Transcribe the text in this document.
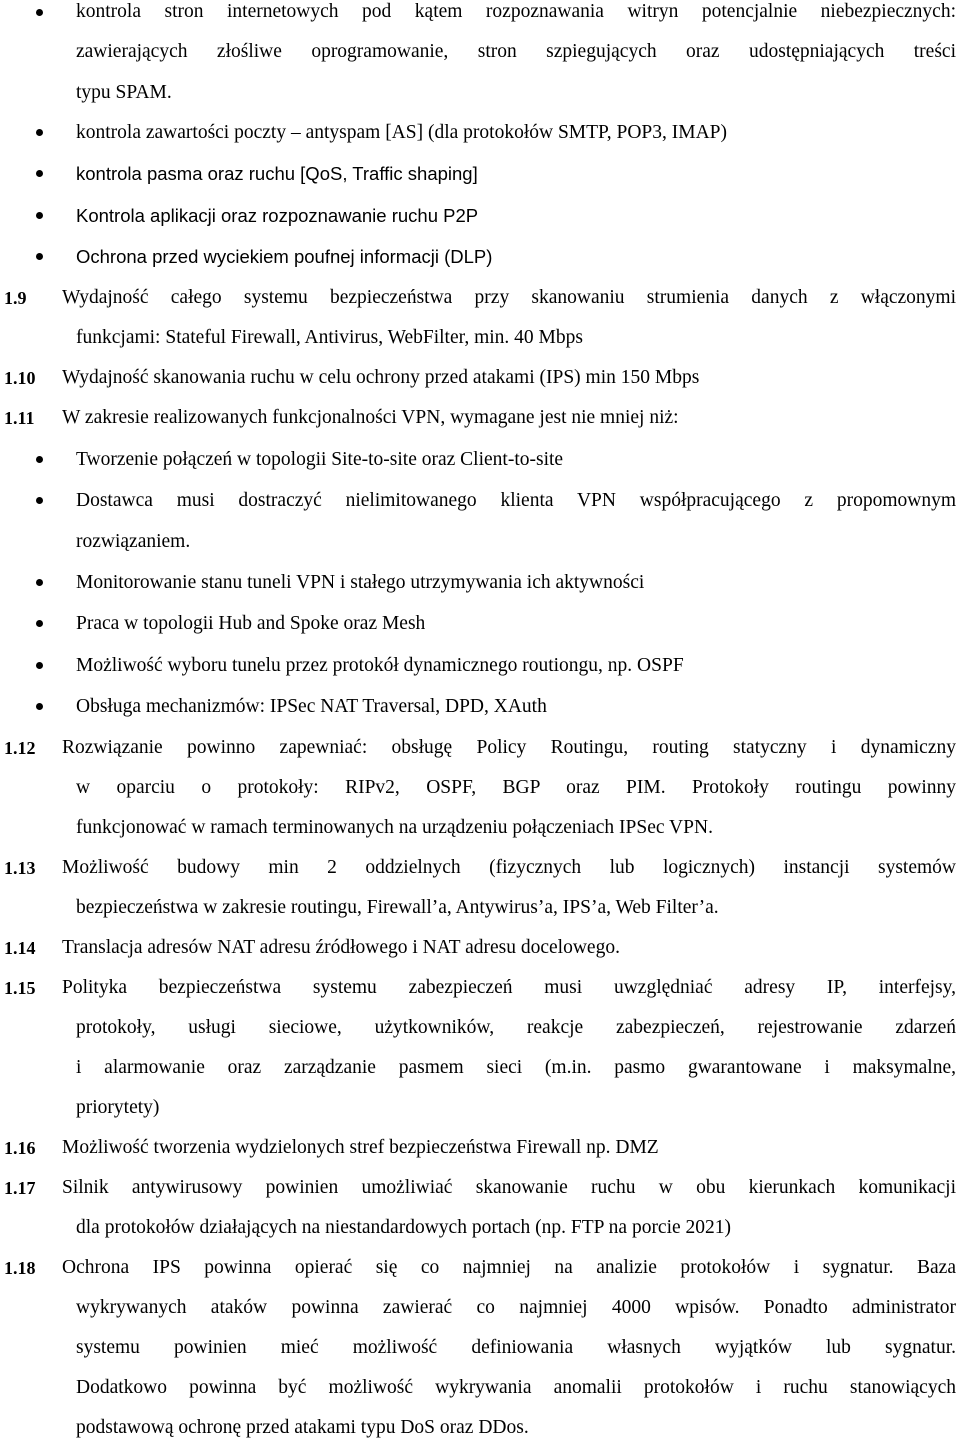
kontrola stron internetowych pod kątem rozpoznawania witryn potencjalnie niebezpiecznych:
zawierających złośliwe oprogramowanie, stron szpiegujących oraz udostępniających treści
typu SPAM.
kontrola zawartości poczty – antyspam [AS] (dla protokołów SMTP, POP3, IMAP)
kontrola pasma oraz ruchu [QoS, Traffic shaping]
Kontrola aplikacji oraz rozpoznawanie ruchu P2P
Ochrona przed wyciekiem poufnej informacji (DLP)
1.9 Wydajność całego systemu bezpieczeństwa przy skanowaniu strumienia danych z włączonymi
funkcjami: Stateful Firewall, Antivirus, WebFilter, min. 40 Mbps
1.10 Wydajność skanowania ruchu w celu ochrony przed atakami (IPS) min 150 Mbps
1.11 W zakresie realizowanych funkcjonalności VPN, wymagane jest nie mniej niż:
Tworzenie połączeń w topologii Site-to-site oraz Client-to-site
Dostawca musi dostraczyć nielimitowanego klienta VPN współpracującego z propomownym
rozwiązaniem.
Monitorowanie stanu tuneli VPN i stałego utrzymywania ich aktywności
Praca w topologii Hub and Spoke oraz Mesh
Możliwość wyboru tunelu przez protokół dynamicznego routiongu, np. OSPF
Obsługa mechanizmów: IPSec NAT Traversal, DPD, XAuth
1.12 Rozwiązanie powinno zapewniać: obsługę Policy Routingu, routing statyczny i dynamiczny
w oparciu o protokoły: RIPv2, OSPF, BGP oraz PIM. Protokoły routingu powinny
funkcjonować w ramach terminowanych na urządzeniu połączeniach IPSec VPN.
1.13 Możliwość budowy min 2 oddzielnych (fizycznych lub logicznych) instancji systemów
bezpieczeństwa w zakresie routingu, Firewall’a, Antywirus’a, IPS’a, Web Filter’a.
1.14 Translacja adresów NAT adresu źródłowego i NAT adresu docelowego.
1.15 Polityka bezpieczeństwa systemu zabezpieczeń musi uwzględniać adresy IP, interfejsy,
protokoły, usługi sieciowe, użytkowników, reakcje zabezpieczeń, rejestrowanie zdarzeń
i alarmowanie oraz zarządzanie pasmem sieci (m.in. pasmo gwarantowane i maksymalne,
priorytety)
1.16 Możliwość tworzenia wydzielonych stref bezpieczeństwa Firewall np. DMZ
1.17 Silnik antywirusowy powinien umożliwiać skanowanie ruchu w obu kierunkach komunikacji
dla protokołów działających na niestandardowych portach (np. FTP na porcie 2021)
1.18 Ochrona IPS powinna opierać się co najmniej na analizie protokołów i sygnatur. Baza
wykrywanych ataków powinna zawierać co najmniej 4000 wpisów. Ponadto administrator
systemu powinien mieć możliwość definiowania własnych wyjątków lub sygnatur.
Dodatkowo powinna być możliwość wykrywania anomalii protokołów i ruchu stanowiących
podstawową ochronę przed atakami typu DoS oraz DDos.
